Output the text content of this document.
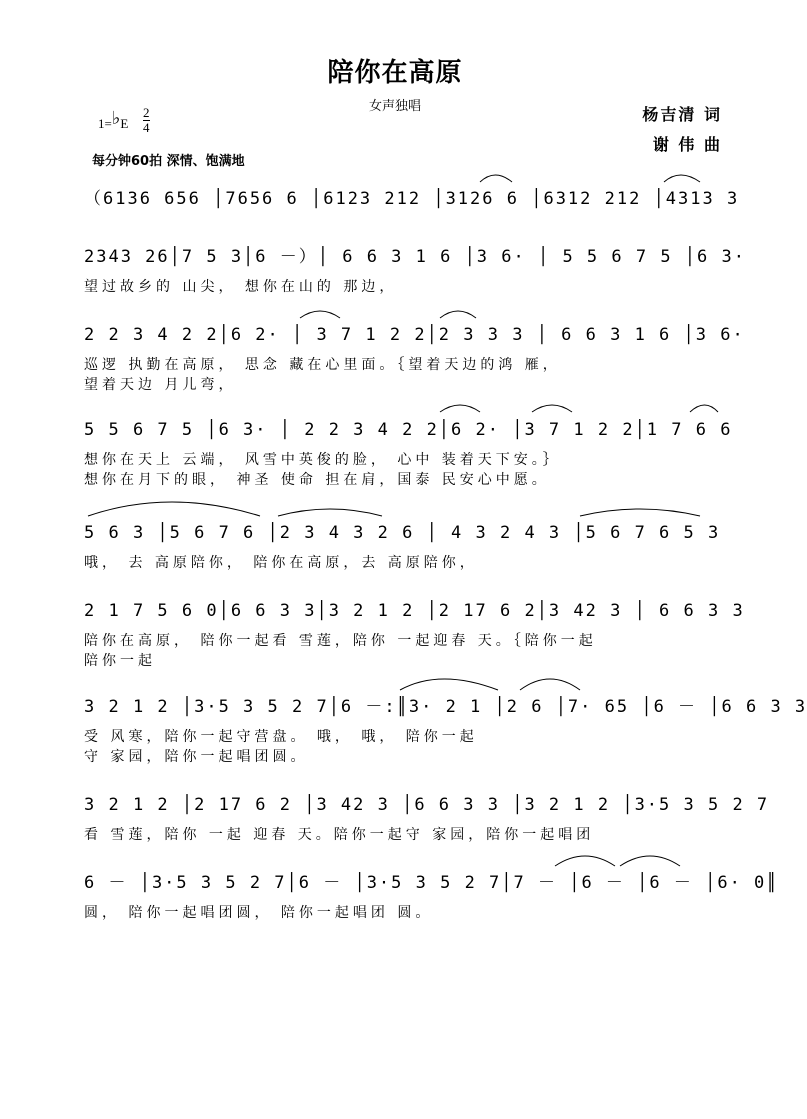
陪你在高原
女声独唱	杨吉清 词
谢 伟 曲
1=♭E
2
4
每分钟60拍 深情、饱满地
（6136 656 │7656 6 │6123 212 │3126 6 │6312 212 │4313 3
2343 26│7 5 3│6 －）│ 6 6 3 1 6 │3 6· │ 5 5 6 7 5 │6 3·
望过故乡的 山尖， 想你在山的 那边，
2 2 3 4 2 2│6 2· │ 3 7 1 2 2│2 3 3 3 │ 6 6 3 1 6 │3 6·
巡逻 执勤在高原， 思念 藏在心里面。｛望着天边的鸿 雁，
望着天边 月儿弯，
5 5 6 7 5 │6 3· │ 2 2 3 4 2 2│6 2· │3 7 1 2 2│1 7 6 6
想你在天上 云端， 风雪中英俊的脸， 心中 装着天下安。｝
想你在月下的眼， 神圣 使命 担在肩，国泰 民安心中愿。
5 6 3 │5 6 7 6 │2 3 4 3 2 6 │ 4 3 2 4 3 │5 6 7 6 5 3
哦， 去 高原陪你， 陪你在高原，去 高原陪你，
2 1 7 5 6 0│6 6 3 3│3 2 1 2 │2 17 6 2│3 42 3 │ 6 6 3 3
陪你在高原， 陪你一起看 雪莲，陪你 一起迎春 天。｛陪你一起
陪你一起
3 2 1 2 │3·5 3 5 2 7│6 －:║3· 2 1 │2 6 │7· 65 │6 － │6 6 3 3
受 风寒，陪你一起守营盘。 哦， 哦， 陪你一起
守 家园，陪你一起唱团圆。
3 2 1 2 │2 17 6 2 │3 42 3 │6 6 3 3 │3 2 1 2 │3·5 3 5 2 7
看 雪莲，陪你 一起 迎春 天。陪你一起守 家园，陪你一起唱团
6 － │3·5 3 5 2 7│6 － │3·5 3 5 2 7│7 － │6 － │6 － │6· 0║
圆， 陪你一起唱团圆， 陪你一起唱团 圆。
